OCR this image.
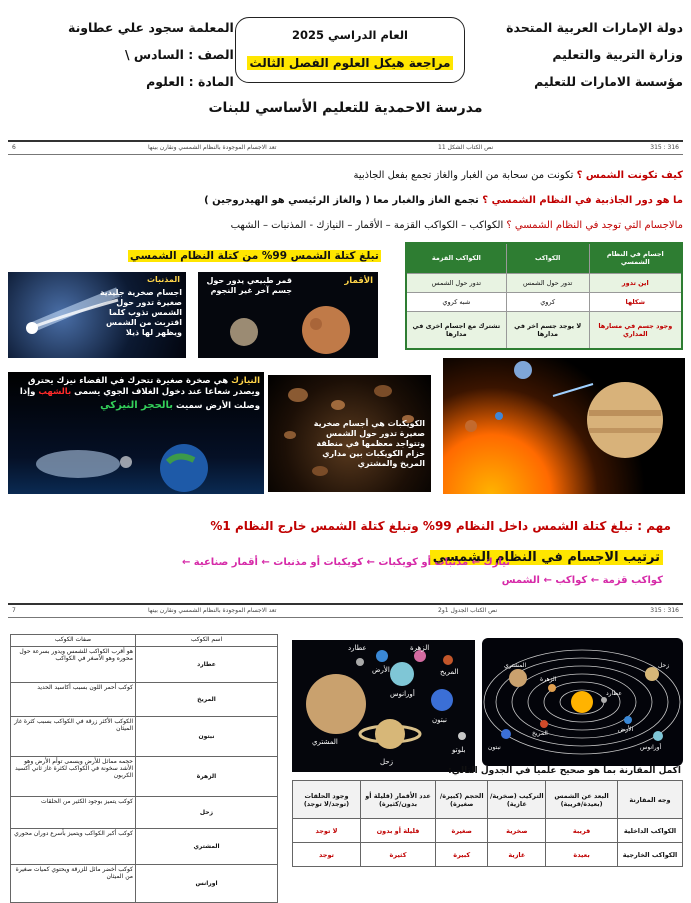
دولة الإمارات العربية المتحدة
وزارة التربية والتعليم
مؤسسة الامارات للتعليم
المعلمة سجود علي عطاونة
الصف : السادس \
المادة : العلوم
العام الدراسي 2025
مراجعة هيكل العلوم الفصل الثالث
مدرسة الاحمدية للتعليم الأساسي للبنات
6	تعد الاجسام الموجودة بالنظام الشمسي ونقارن بينها	نص الكتاب الشكل 11	315 : 316
كيف تكونت الشمس ؟ تكونت من سحابة من الغبار والغاز تجمع بفعل الجاذبية
ما هو دور الجاذبية في النظام الشمسي ؟ تجمع الغاز والغبار معا ( والغاز الرئيسي هو الهيدروجين )
مالاجسام التي توجد في النظام الشمسي ؟ الكواكب – الكواكب القزمة – الأقمار – النيازك - المذنبات – الشهب
تبلغ كتلة الشمس 99% من كتلة النظام الشمسي	اجسام في النظام الشمسي	الكواكب	الكواكب القزمة
اين تدور	تدور حول الشمس	تدور حول الشمس
شكلها	كروي	شبه كروي
وجود جسم في مسارها المداري	لا يوجد جسم اخر في مدارها	تشترك مع اجسام اخرى في مدارها
المذنبات
اجسام صخرية جليدية صغيرة تدور حول الشمس تذوب كلما اقتربت من الشمس ويظهر لها ذيلا
قمر طبيعي يدور حول جسم آخر غير النجوم
الأقمار
النيازك هي صخرة صغيرة تتحرك في الفضاء نيزك يحترق ويصدر شعاعا عند دخول الغلاف الجوي يسمى بالشهب وإذا وصلت الأرض سميت بالحجر النيزكي
الكويكبات هي أجسام صخرية صغيرة تدور حول الشمس وتتواجد معظمها في منطقة حزام الكويكبات بين مداري المريخ والمشتري
مهم : تبلغ كتلة الشمس داخل النظام 99% وتبلغ كتلة الشمس خارج النظام 1%
ترتيب الاجسام في النظام الشمسي
نيازك ← مذنبات أو كويكبات ← كويكبات أو مذنبات ← أقمار صناعية ←
كواكب قزمة ← كواكب ← الشمس
7	تعد الاجسام الموجودة بالنظام الشمسي ونقارن بينها	نص الكتاب الجدول 1و2	315 : 316
صفات الكوكب	اسم الكوكب
هو أقرب الكواكب للشمس ويدور بسرعة حول محوره وهو الأصغر في الكواكب	عطارد
كوكب أحمر اللون بسبب أكاسيد الحديد	المريخ
الكوكب الأكثر زرقة في الكواكب بسبب كثرة غاز الميثان	نبتون
حجمه مماثل للأرض ويسمى توأم الأرض وهو الأشد سخونة في الكواكب لكثرة غاز ثاني أكسيد الكربون	الزهرة
كوكب يتميز بوجود الكثير من الحلقات	زحل
كوكب أكبر الكواكب ويتميز بأسرع دوران محوري	المشتري
كوكب أخضر مائل للزرقة ويحتوي كميات صغيرة من الميثان	اورانس
المشتري
زحل
أورانوس
نبتون
الأرض	المريخ
الزهرة
عطارد
بلوتو
عطارد
الزهرة
الأرض
المريخ
المشتري	زحل
أورانوس
نبتون
اكمل المقارنة بما هو صحيح علمياً في الجدول التالي:
وجه المقارنة	البعد عن الشمس (بعيدة/قريبة)	التركيب (صخرية/غازية)	الحجم (كبيرة/صغيرة)	عدد الأقمار (قليلة أو بدون/كثيرة)	وجود الحلقات (توجد/لا توجد)
الكواكب الداخلية	قريبة	صخرية	صغيرة	قليلة أو بدون	لا توجد
الكواكب الخارجية	بعيدة	غازية	كبيرة	كثيرة	توجد
